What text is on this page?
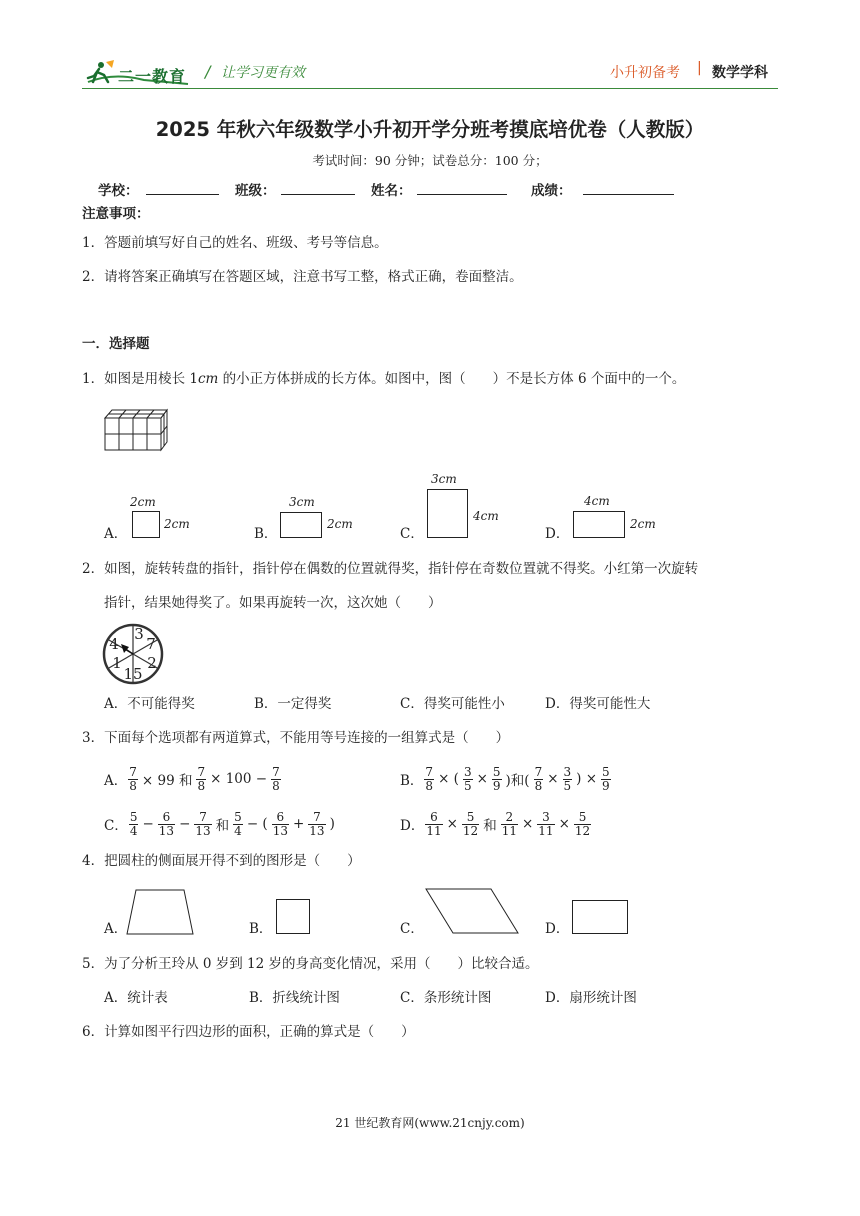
二一教育 / 让学习更有效	小升初备考 | 数学学科
2025 年秋六年级数学小升初开学分班考摸底培优卷（人教版）
考试时间：90 分钟；试卷总分：100 分；
学校：	班级：	姓名：	成绩：
注意事项：
1．答题前填写好自己的姓名、班级、考号等信息。
2．请将答案正确填写在答题区域，注意书写工整，格式正确，卷面整洁。
一．选择题
1．如图是用棱长 1cm 的小正方体拼成的长方体。如图中，图（　　）不是长方体 6 个面中的一个。
A．
2cm
2cm
B．
3cm
2cm
C．
3cm
4cm
D．
4cm
2cm
2．如图，旋转转盘的指针，指针停在偶数的位置就得奖，指针停在奇数位置就不得奖。小红第一次旋转
指针，结果她得奖了。如果再旋转一次，这次她（　　）
3
7
2
15
1
4
A．不可能得奖	B．一定得奖	C．得奖可能性小	D．得奖可能性大
3．下面每个选项都有两道算式，不能用等号连接的一组算式是（　　）
A． $\frac{7}{8} \times 99$ 和 $\frac{7}{8} \times 100 - \frac{7}{8}$	B． $\frac{7}{8}$ × ( $\frac{3}{5} \times \frac{5}{9}$ )和( $\frac{7}{8} \times \frac{3}{5}$ ) × $\frac{5}{9}$
C． $\frac{5}{4} - \frac{6}{13} - \frac{7}{13}$ 和 $\frac{5}{4}$ − ( $\frac{6}{13} + \frac{7}{13}$ )	D． $\frac{6}{11} \times \frac{5}{12}$ 和 $\frac{2}{11} \times \frac{3}{11} \times \frac{5}{12}$
4．把圆柱的侧面展开得不到的图形是（　　）
A．	B．	C．	D．
5．为了分析王玲从 0 岁到 12 岁的身高变化情况，采用（　　）比较合适。
A．统计表	B．折线统计图	C．条形统计图	D．扇形统计图
6．计算如图平行四边形的面积，正确的算式是（　　）
21 世纪教育网(www.21cnjy.com)
